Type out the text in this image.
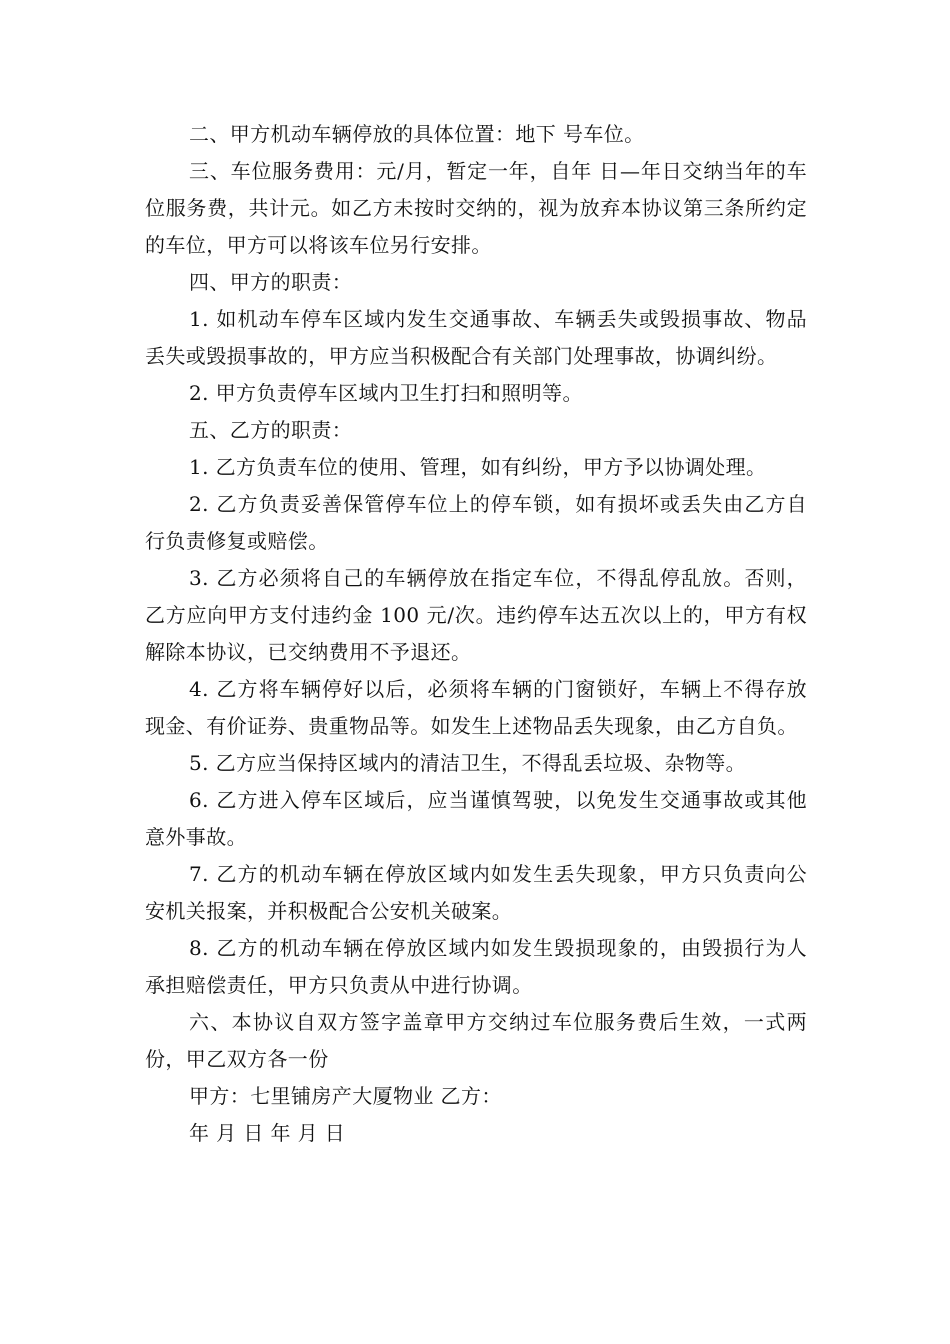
二、甲方机动车辆停放的具体位置：地下 号车位。

三、车位服务费用：元/月，暂定一年，自年 日—年日交纳当年的车位服务费，共计元。如乙方未按时交纳的，视为放弃本协议第三条所约定的车位，甲方可以将该车位另行安排。

四、甲方的职责：

1. 如机动车停车区域内发生交通事故、车辆丢失或毁损事故、物品丢失或毁损事故的，甲方应当积极配合有关部门处理事故，协调纠纷。

2. 甲方负责停车区域内卫生打扫和照明等。

五、乙方的职责：

1. 乙方负责车位的使用、管理，如有纠纷，甲方予以协调处理。

2. 乙方负责妥善保管停车位上的停车锁，如有损坏或丢失由乙方自行负责修复或赔偿。

3. 乙方必须将自己的车辆停放在指定车位，不得乱停乱放。否则，乙方应向甲方支付违约金 100 元/次。违约停车达五次以上的，甲方有权解除本协议，已交纳费用不予退还。

4. 乙方将车辆停好以后，必须将车辆的门窗锁好，车辆上不得存放现金、有价证券、贵重物品等。如发生上述物品丢失现象，由乙方自负。

5. 乙方应当保持区域内的清洁卫生，不得乱丢垃圾、杂物等。

6. 乙方进入停车区域后，应当谨慎驾驶，以免发生交通事故或其他意外事故。

7. 乙方的机动车辆在停放区域内如发生丢失现象，甲方只负责向公安机关报案，并积极配合公安机关破案。

8. 乙方的机动车辆在停放区域内如发生毁损现象的，由毁损行为人承担赔偿责任，甲方只负责从中进行协调。

六、本协议自双方签字盖章甲方交纳过车位服务费后生效，一式两份，甲乙双方各一份

甲方：七里铺房产大厦物业 乙方：

年 月 日 年 月 日
